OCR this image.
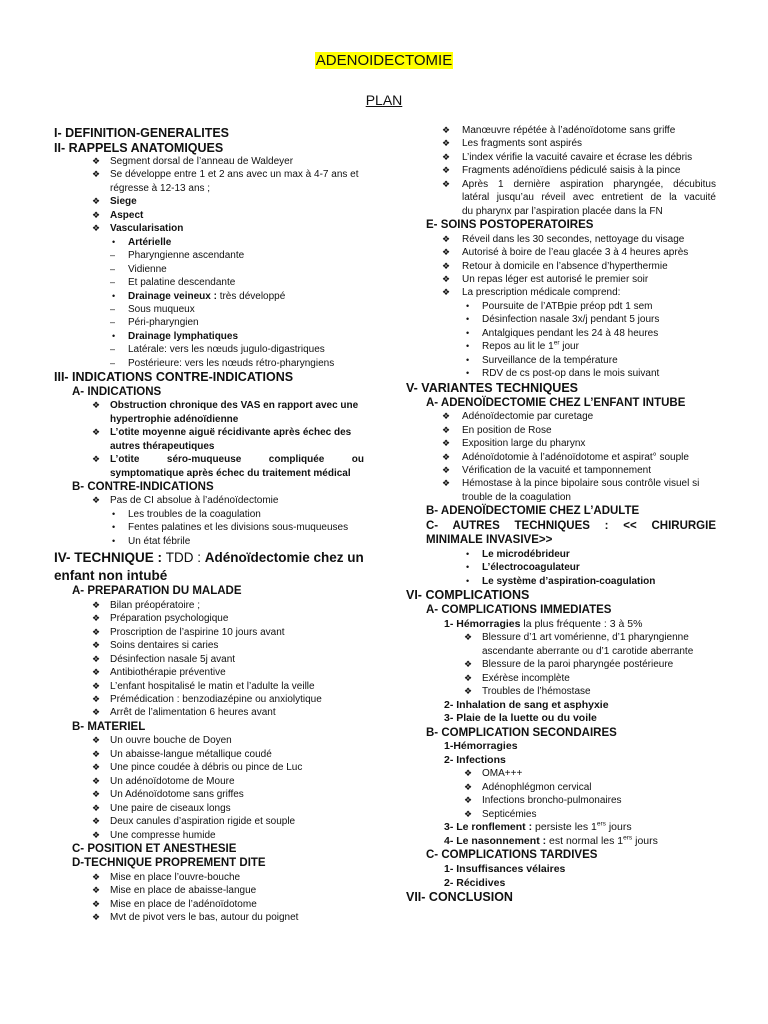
ADENOIDECTOMIE
PLAN
I- DEFINITION-GENERALITES
II- RAPPELS ANATOMIQUES
❖ Segment dorsal de l’anneau de Waldeyer
❖ Se développe entre 1 et 2 ans avec un max à 4-7 ans et
régresse à 12-13 ans ;
❖ Siege
❖ Aspect
❖ Vascularisation
• Artérielle
– Pharyngienne ascendante
– Vidienne
– Et palatine descendante
• Drainage veineux : très développé
– Sous muqueux
– Péri-pharyngien
• Drainage lymphatiques
– Latérale: vers les nœuds jugulo-digastriques
– Postérieure: vers les nœuds rétro-pharyngiens
III- INDICATIONS CONTRE-INDICATIONS
A- INDICATIONS
❖ Obstruction chronique des VAS en rapport avec une
hypertrophie adénoïdienne
❖ L’otite moyenne aiguë récidivante après échec des
autres thérapeutiques
❖ L’otite séro-muqueuse compliquée ou
symptomatique après échec du traitement médical
B- CONTRE-INDICATIONS
❖ Pas de CI absolue à l’adénoïdectomie
• Les troubles de la coagulation
• Fentes palatines et les divisions sous-muqueuses
• Un état fébrile
IV- TECHNIQUE : TDD : Adénoïdectomie chez un
enfant non intubé
A- PREPARATION DU MALADE
❖ Bilan préopératoire ;
❖ Préparation psychologique
❖ Proscription de l’aspirine 10 jours avant
❖ Soins dentaires si caries
❖ Désinfection nasale 5j avant
❖ Antibiothérapie préventive
❖ L’enfant hospitalisé le matin et l’adulte la veille
❖ Prémédication : benzodiazépine ou anxiolytique
❖ Arrêt de l’alimentation 6 heures avant
B- MATERIEL
❖ Un ouvre bouche de Doyen
❖ Un abaisse-langue métallique coudé
❖ Une pince coudée à débris ou pince de Luc
❖ Un adénoïdotome de Moure
❖ Un Adénoïdotome sans griffes
❖ Une paire de ciseaux longs
❖ Deux canules d’aspiration rigide et souple
❖ Une compresse humide
C- POSITION ET ANESTHESIE
D-TECHNIQUE PROPREMENT DITE
❖ Mise en place l’ouvre-bouche
❖ Mise en place de abaisse-langue
❖ Mise en place de l’adénoïdotome
❖ Mvt de pivot vers le bas, autour du poignet
❖ Manœuvre répétée à l’adénoïdotome sans griffe
❖ Les fragments sont aspirés
❖ L’index vérifie la vacuité cavaire et écrase les débris
❖ Fragments adénoïdiens pédiculé saisis à la pince
❖ Après 1 dernière aspiration pharyngée, décubitus
latéral jusqu’au réveil avec entretient de la vacuité
du pharynx par l’aspiration placée dans la FN
E- SOINS POSTOPERATOIRES
❖ Réveil dans les 30 secondes, nettoyage du visage
❖ Autorisé à boire de l’eau glacée 3 à 4 heures après
❖ Retour à domicile en l’absence d’hyperthermie
❖ Un repas léger est autorisé le premier soir
❖ La prescription médicale comprend:
• Poursuite de l’ATBpie préop pdt 1 sem
• Désinfection nasale 3x/j pendant 5 jours
• Antalgiques pendant les 24 à 48 heures
• Repos au lit le 1er jour
• Surveillance de la température
• RDV de cs post-op dans le mois suivant
V- VARIANTES TECHNIQUES
A- ADENOÏDECTOMIE CHEZ L’ENFANT INTUBE
❖ Adénoïdectomie par curetage
❖ En position de Rose
❖ Exposition large du pharynx
❖ Adénoïdotomie à l’adénoïdotome et aspirat° souple
❖ Vérification de la vacuité et tamponnement
❖ Hémostase à la pince bipolaire sous contrôle visuel si
trouble de la coagulation
B- ADENOÏDECTOMIE CHEZ L’ADULTE
C- AUTRES TECHNIQUES : << CHIRURGIE
MINIMALE INVASIVE>>
• Le microdébrideur
• L’électrocoagulateur
• Le système d’aspiration-coagulation
VI- COMPLICATIONS
A- COMPLICATIONS IMMEDIATES
1- Hémorragies la plus fréquente : 3 à 5%
❖ Blessure d’1 art vomérienne, d’1 pharyngienne
ascendante aberrante ou d’1 carotide aberrante
❖ Blessure de la paroi pharyngée postérieure
❖ Exérèse incomplète
❖ Troubles de l’hémostase
2- Inhalation de sang et asphyxie
3- Plaie de la luette ou du voile
B- COMPLICATION SECONDAIRES
1-Hémorragies
2- Infections
❖ OMA+++
❖ Adénophlégmon cervical
❖ Infections broncho-pulmonaires
❖ Septicémies
3- Le ronflement : persiste les 1ers jours
4- Le nasonnement : est normal les 1ers jours
C- COMPLICATIONS TARDIVES
1- Insuffisances vélaires
2- Récidives
VII- CONCLUSION
